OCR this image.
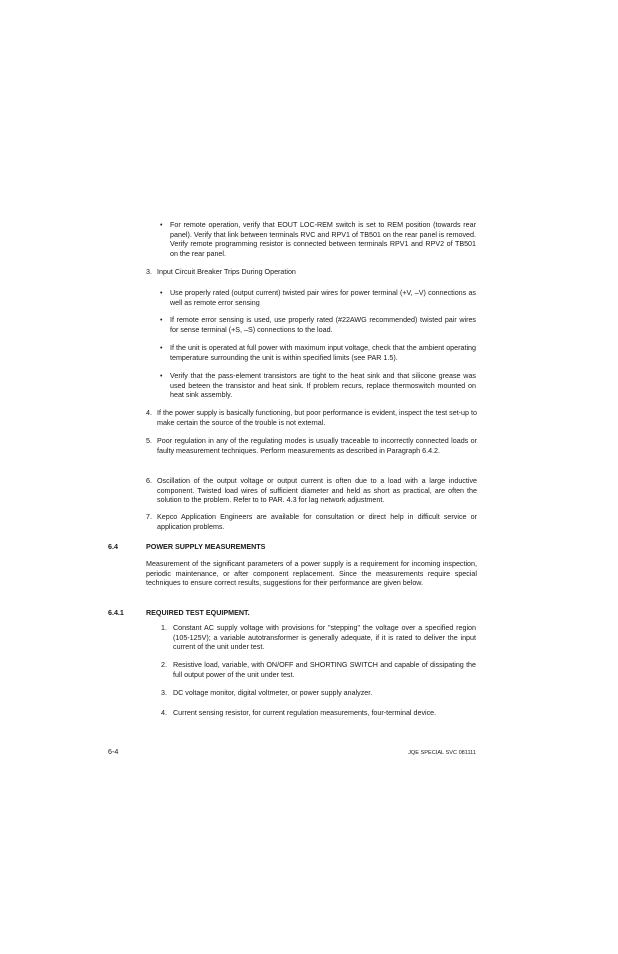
• For remote operation, verify that EOUT LOC-REM switch is set to REM position (towards rear panel). Verify that link between terminals RVC and RPV1 of TB501 on the rear panel is removed. Verify remote programming resistor is connected between terminals RPV1 and RPV2 of TB501 on the rear panel.

3. Input Circuit Breaker Trips During Operation

• Use properly rated (output current) twisted pair wires for power terminal (+V, –V) connections as well as remote error sensing

• If remote error sensing is used, use properly rated (#22AWG recommended) twisted pair wires for sense terminal (+S, –S) connections to the load.

• If the unit is operated at full power with maximum input voltage, check that the ambient operating temperature surrounding the unit is within specified limits (see PAR 1.5).

• Verify that the pass-element transistors are tight to the heat sink and that silicone grease was used beteen the transistor and heat sink. If problem recurs, replace thermoswitch mounted on heat sink assembly.

4. If the power supply is basically functioning, but poor performance is evident, inspect the test set-up to make certain the source of the trouble is not external.

5. Poor regulation in any of the regulating modes is usually traceable to incorrectly connected loads or faulty measurement techniques. Perform measurements as described in Paragraph 6.4.2.

6. Oscillation of the output voltage or output current is often due to a load with a large inductive component. Twisted load wires of sufficient diameter and held as short as practical, are often the solution to the problem. Refer to to PAR. 4.3 for lag network adjustment.

7. Kepco Application Engineers are available for consultation or direct help in difficult service or application problems.

6.4	POWER SUPPLY MEASUREMENTS

Measurement of the significant parameters of a power supply is a requirement for incoming inspection, periodic maintenance, or after component replacement. Since the measurements require special techniques to ensure correct results, suggestions for their performance are given below.

6.4.1	REQUIRED TEST EQUIPMENT.
1. Constant AC supply voltage with provisions for "stepping" the voltage over a specified region (105-125V); a variable autotransformer is generally adequate, if it is rated to deliver the input current of the unit under test.

2. Resistive load, variable, with ON/OFF and SHORTING SWITCH and capable of dissipating the full output power of the unit under test.

3. DC voltage monitor, digital voltmeter, or power supply analyzer.

4. Current sensing resistor, for current regulation measurements, four-terminal device.

6-4	JQE SPECIAL SVC 081111
